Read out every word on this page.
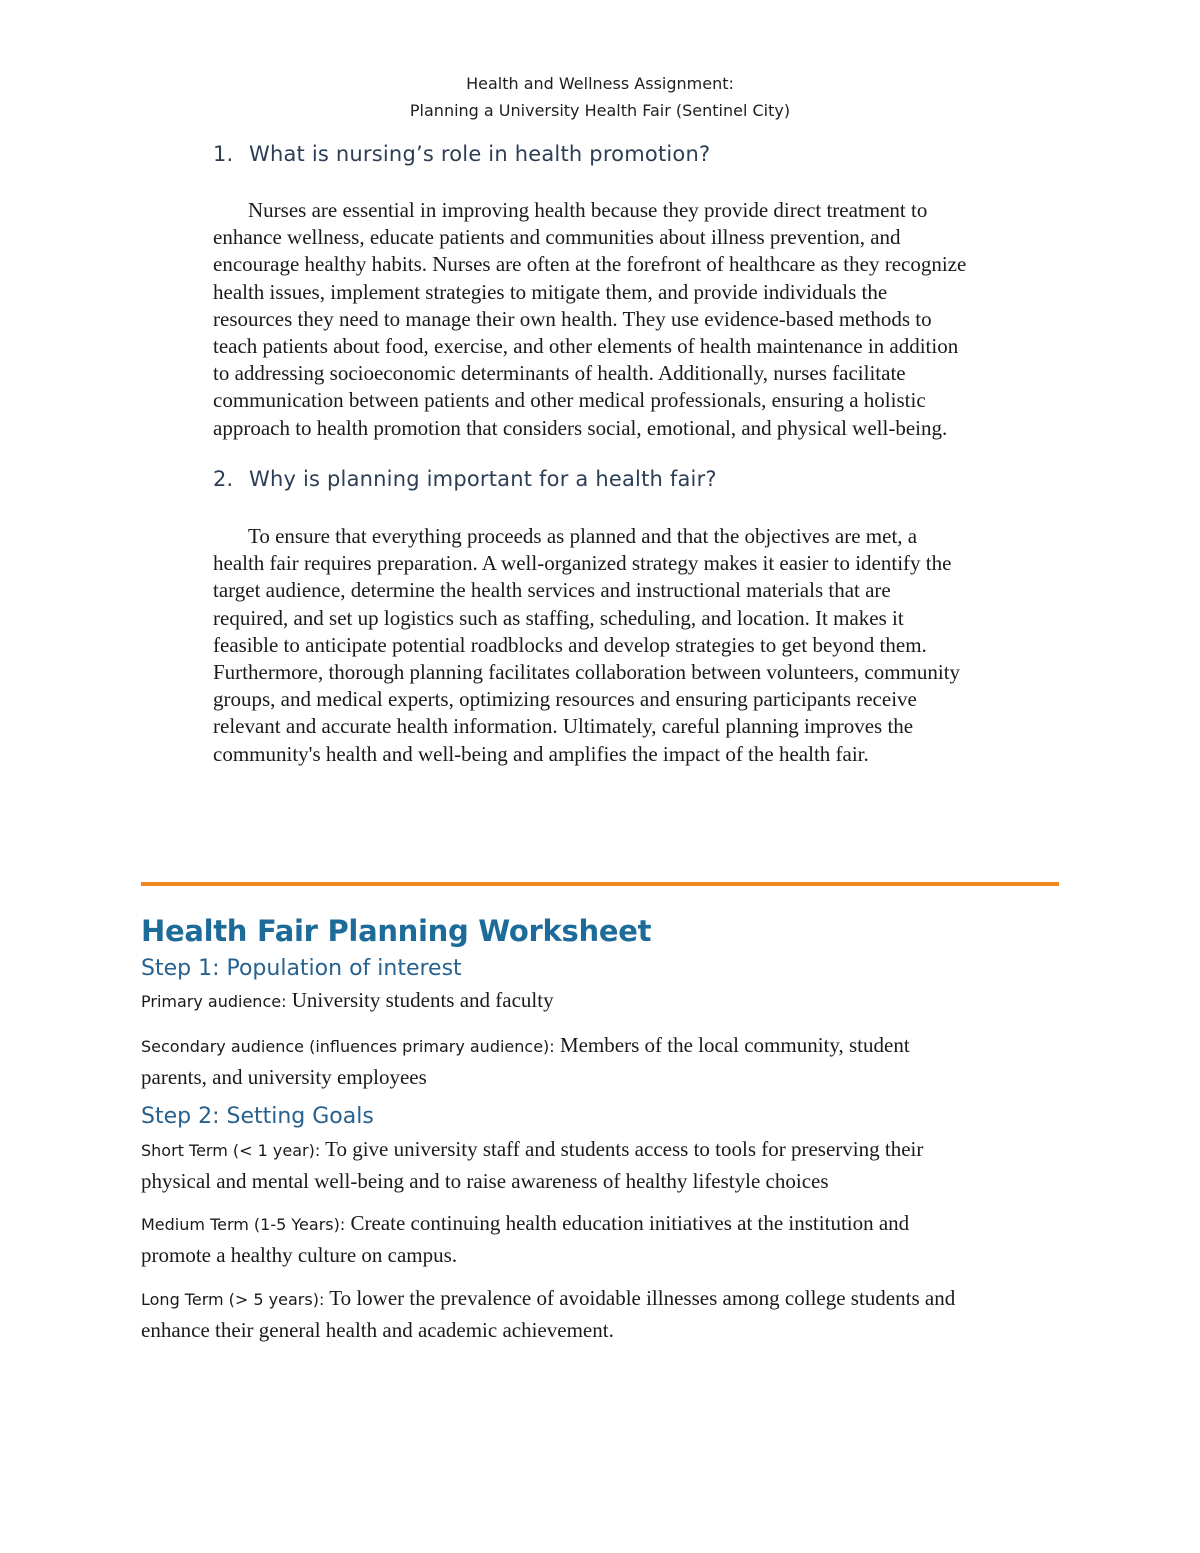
Health and Wellness Assignment:
Planning a University Health Fair (Sentinel City)
1. What is nursing’s role in health promotion?
Nurses are essential in improving health because they provide direct treatment to
enhance wellness, educate patients and communities about illness prevention, and
encourage healthy habits. Nurses are often at the forefront of healthcare as they recognize
health issues, implement strategies to mitigate them, and provide individuals the
resources they need to manage their own health. They use evidence-based methods to
teach patients about food, exercise, and other elements of health maintenance in addition
to addressing socioeconomic determinants of health. Additionally, nurses facilitate
communication between patients and other medical professionals, ensuring a holistic
approach to health promotion that considers social, emotional, and physical well-being.
2. Why is planning important for a health fair?
To ensure that everything proceeds as planned and that the objectives are met, a
health fair requires preparation. A well-organized strategy makes it easier to identify the
target audience, determine the health services and instructional materials that are
required, and set up logistics such as staffing, scheduling, and location. It makes it
feasible to anticipate potential roadblocks and develop strategies to get beyond them.
Furthermore, thorough planning facilitates collaboration between volunteers, community
groups, and medical experts, optimizing resources and ensuring participants receive
relevant and accurate health information. Ultimately, careful planning improves the
community's health and well-being and amplifies the impact of the health fair.
Health Fair Planning Worksheet
Step 1: Population of interest
Primary audience: University students and faculty
Secondary audience (influences primary audience): Members of the local community, student
parents, and university employees
Step 2: Setting Goals
Short Term (< 1 year): To give university staff and students access to tools for preserving their
physical and mental well-being and to raise awareness of healthy lifestyle choices
Medium Term (1-5 Years): Create continuing health education initiatives at the institution and
promote a healthy culture on campus.
Long Term (> 5 years): To lower the prevalence of avoidable illnesses among college students and
enhance their general health and academic achievement.
